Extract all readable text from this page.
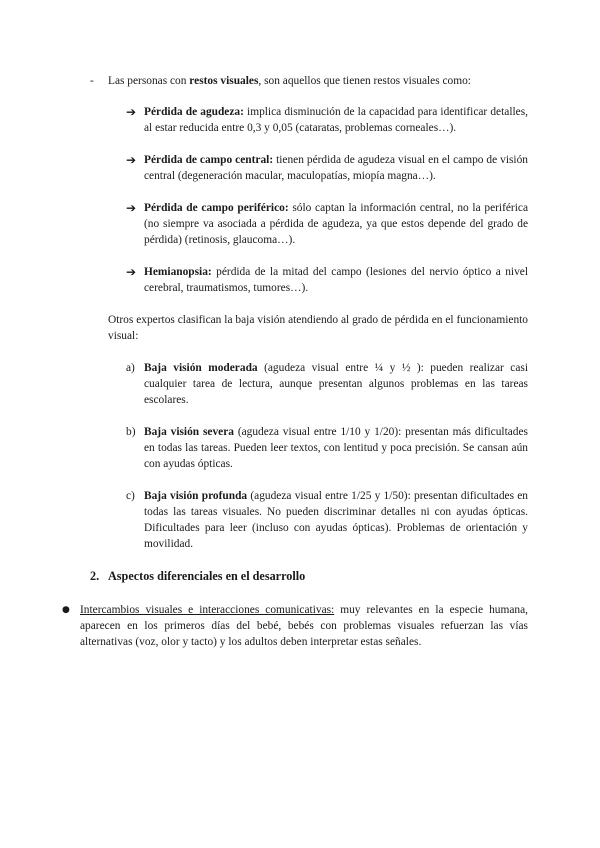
- Las personas con restos visuales, son aquellos que tienen restos visuales como:
➔ Pérdida de agudeza: implica disminución de la capacidad para identificar detalles, al estar reducida entre 0,3 y 0,05 (cataratas, problemas corneales…).
➔ Pérdida de campo central: tienen pérdida de agudeza visual en el campo de visión central (degeneración macular, maculopatías, miopía magna…).
➔ Pérdida de campo periférico: sólo captan la información central, no la periférica (no siempre va asociada a pérdida de agudeza, ya que estos depende del grado de pérdida) (retinosis, glaucoma…).
➔ Hemianopsia: pérdida de la mitad del campo (lesiones del nervio óptico a nivel cerebral, traumatismos, tumores…).
Otros expertos clasifican la baja visión atendiendo al grado de pérdida en el funcionamiento visual:
a) Baja visión moderada (agudeza visual entre ¼ y ½ ): pueden realizar casi cualquier tarea de lectura, aunque presentan algunos problemas en las tareas escolares.
b) Baja visión severa (agudeza visual entre 1/10 y 1/20): presentan más dificultades en todas las tareas. Pueden leer textos, con lentitud y poca precisión. Se cansan aún con ayudas ópticas.
c) Baja visión profunda (agudeza visual entre 1/25 y 1/50): presentan dificultades en todas las tareas visuales. No pueden discriminar detalles ni con ayudas ópticas. Dificultades para leer (incluso con ayudas ópticas). Problemas de orientación y movilidad.
2. Aspectos diferenciales en el desarrollo
● Intercambios visuales e interacciones comunicativas: muy relevantes en la especie humana, aparecen en los primeros días del bebé, bebés con problemas visuales refuerzan las vías alternativas (voz, olor y tacto) y los adultos deben interpretar estas señales.
